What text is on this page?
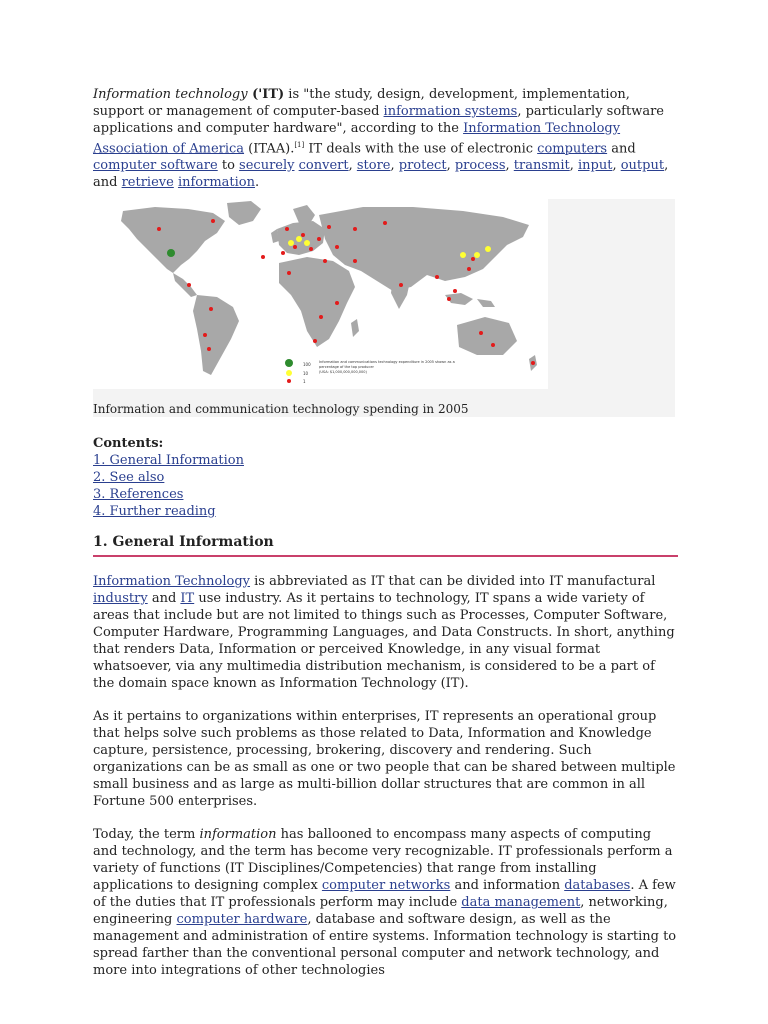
Information technology ('IT) is "the study, design, development, implementation, support or management of computer-based information systems, particularly software applications and computer hardware", according to the Information Technology Association of America (ITAA).[1] IT deals with the use of electronic computers and computer software to securely convert, store, protect, process, transmit, input, output, and retrieve information.

100
10
1
Information and communications technology expenditure in 2005 shown as a
percentage of the top producer
(USA: $1,000,000,000,000)
Information and communication technology spending in 2005
Contents:
1. General Information
2. See also
3. References
4. Further reading
1. General Information

Information Technology is abbreviated as IT that can be divided into IT manufactural industry and IT use industry. As it pertains to technology, IT spans a wide variety of areas that include but are not limited to things such as Processes, Computer Software, Computer Hardware, Programming Languages, and Data Constructs. In short, anything that renders Data, Information or perceived Knowledge, in any visual format whatsoever, via any multimedia distribution mechanism, is considered to be a part of the domain space known as Information Technology (IT).

As it pertains to organizations within enterprises, IT represents an operational group that helps solve such problems as those related to Data, Information and Knowledge capture, persistence, processing, brokering, discovery and rendering. Such organizations can be as small as one or two people that can be shared between multiple small business and as large as multi-billion dollar structures that are common in all Fortune 500 enterprises.

Today, the term information has ballooned to encompass many aspects of computing and technology, and the term has become very recognizable. IT professionals perform a variety of functions (IT Disciplines/Competencies) that range from installing applications to designing complex computer networks and information databases. A few of the duties that IT professionals perform may include data management, networking, engineering computer hardware, database and software design, as well as the management and administration of entire systems. Information technology is starting to spread farther than the conventional personal computer and network technology, and more into integrations of other technologies
